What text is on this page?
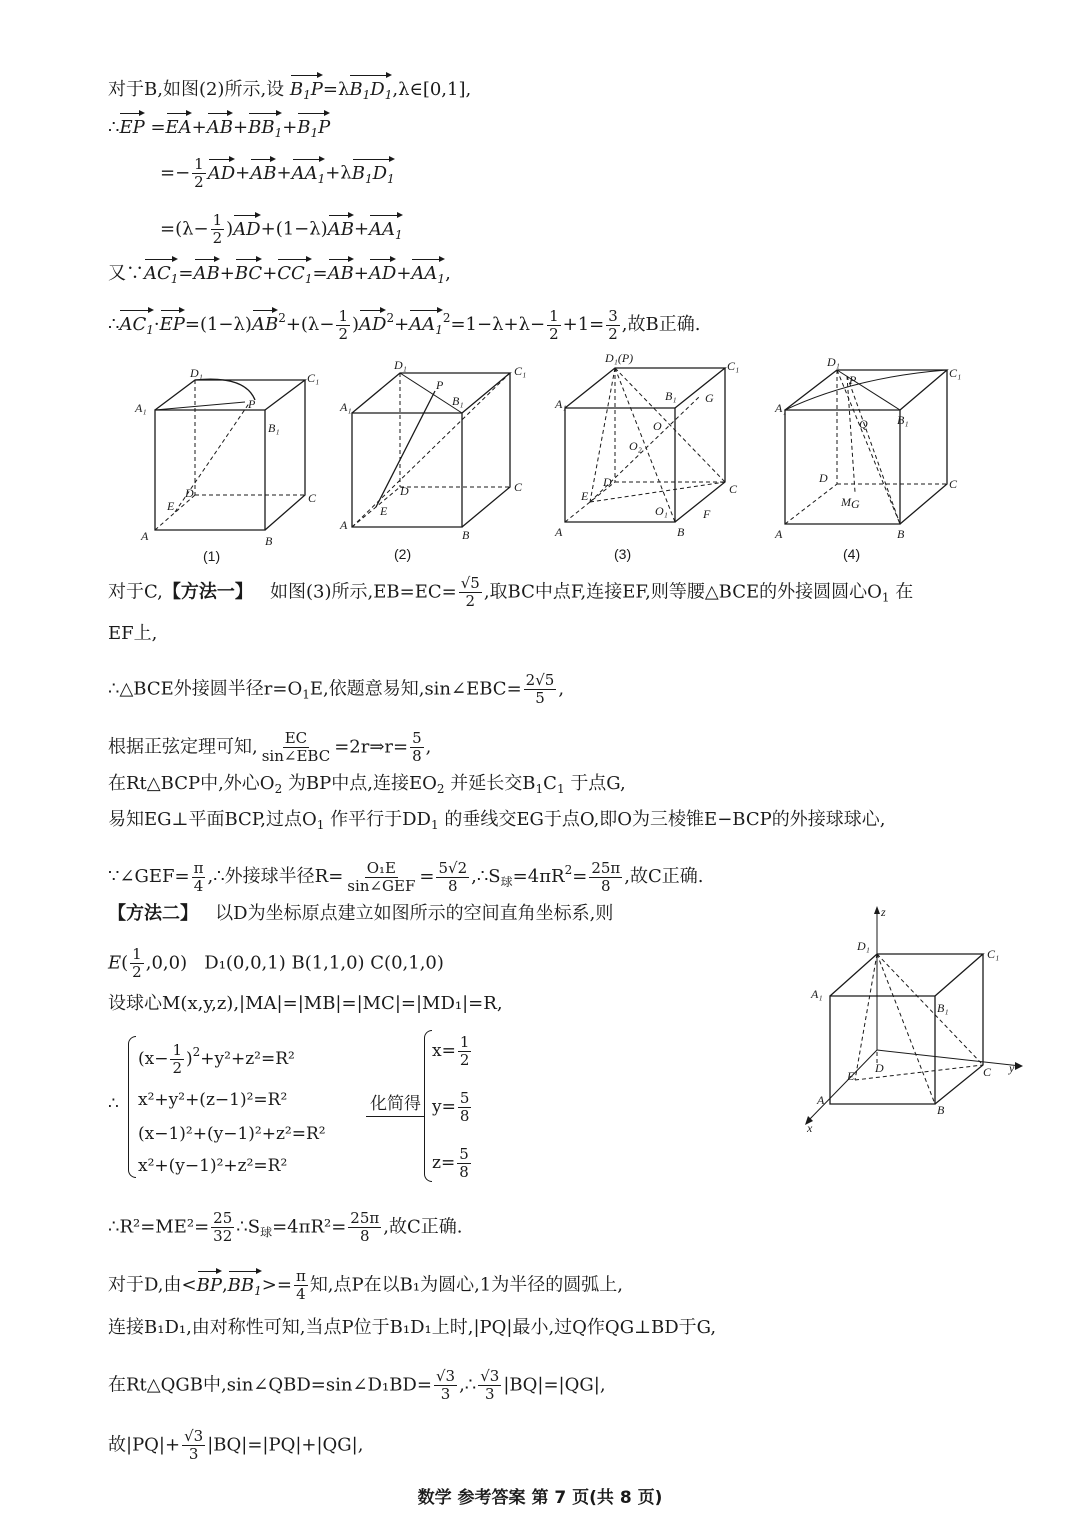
对于B,如图(2)所示,设 $B_1P=\lambda B_1D_1,\lambda\in[0,1]$,
∴EP $=EA+AB+BB_1+B_1P$
=− $\frac{1}{2} AD+AB+AA_1+\lambda B_1D_1$
$=(\lambda- \frac{1}{2} )AD+(1-\lambda)AB+AA_1$
又$\because AC_1=AB+BC+CC_1=AB+AD+AA_1$,
$\therefore AC_1\cdot EP=(1-\lambda)AB^2+(\lambda- \frac{1}{2} )AD^2+AA_1^2=1-\lambda+\lambda- \frac{1}{2} +1= \frac{3}{2}$ ,故B正确.
D₁	C₁
A₁
B₁
P
D	C
E
A	B
(1)
D₁	C₁
A₁	B₁
P
D	C
E
A
B
(2)
D₁(P)
C₁
A₁
B₁ G
O
O₂
D	C
E
O₁	F
A	B
(3)
D₁
P	C₁
A₁
B₁
Q
D	C
M G
A	B
(4)
对于C,【方法一】 如图(3)所示$,EB=EC= \frac{√5}{2}$ ,取BC中点F,连接EF,则等腰△BCE的外接圆圆心$O_1$ 在
EF上,
∴△BCE外接圆半径$r=O_1E$,依题意易知,sin∠EBC= $\frac{2√5}{5}$ ,
根据正弦定理可知, $\frac{EC}{\text{sin∠EBC}}$ =2r⇒r= $\frac{5}{8}$ ,
在Rt△BCP中,外心$O_2$ 为BP中点,连接$EO_2$ 并延长交$B_1C_1$ 于点G,
易知EG⊥平面BCP,过点$O_1$ 作平行于$DD_1$ 的垂线交EG于点O,即O为三棱锥E−BCP的外接球球心,
∵∠GEF= $\frac{\pi}{4}$ ,∴外接球半径$R= \frac{\text{O₁E}}{\text{sin∠GEF}} = \frac{5√2}{8}$ $,\therefore S_球=4\pi R^2= \frac{25\pi}{8}$ ,故C正确.
【方法二】 以D为坐标原点建立如图所示的空间直角坐标系,则
$E( \frac{1}{2} ,0,0)$   D₁(0,0,1) B(1,1,0) C(0,1,0)
设球心M(x,y,z),|MA|=|MB|=|MC|=|MD₁|=R,
∴
$(x- \frac{1}{2} )^2+y^2+z^2=R^2$
x²+y²+(z−1)²=R²
(x−1)²+(y−1)²+z²=R²
x²+(y−1)²+z²=R²
化简得
$x= \frac{1}{2}$
$y= \frac{5}{8}$
$z= \frac{5}{8}$
z
D₁
C₁
A₁
B₁
D
E	C y
A
B
x
∴R²=ME²= $\frac{25}{32}$ $\therefore S_球=4\pi R^2= \frac{25\pi}{8}$ ,故C正确.
对于D,由$<BP,BB_1>= \frac{\pi}{4}$ 知,点P在以B₁为圆心,1为半径的圆弧上,
连接B₁D₁,由对称性可知,当点P位于B₁D₁上时,|PQ|最小,过Q作QG⊥BD于G,
在Rt△QGB中,sin∠QBD=sin∠D₁BD= $\frac{√3}{3}$ ,∴ $\frac{√3}{3} |BQ|=|QG|$,
故$|PQ|+ \frac{√3}{3} |BQ|=|PQ|+|QG|$,
数学 参考答案 第 7 页(共 8 页)
